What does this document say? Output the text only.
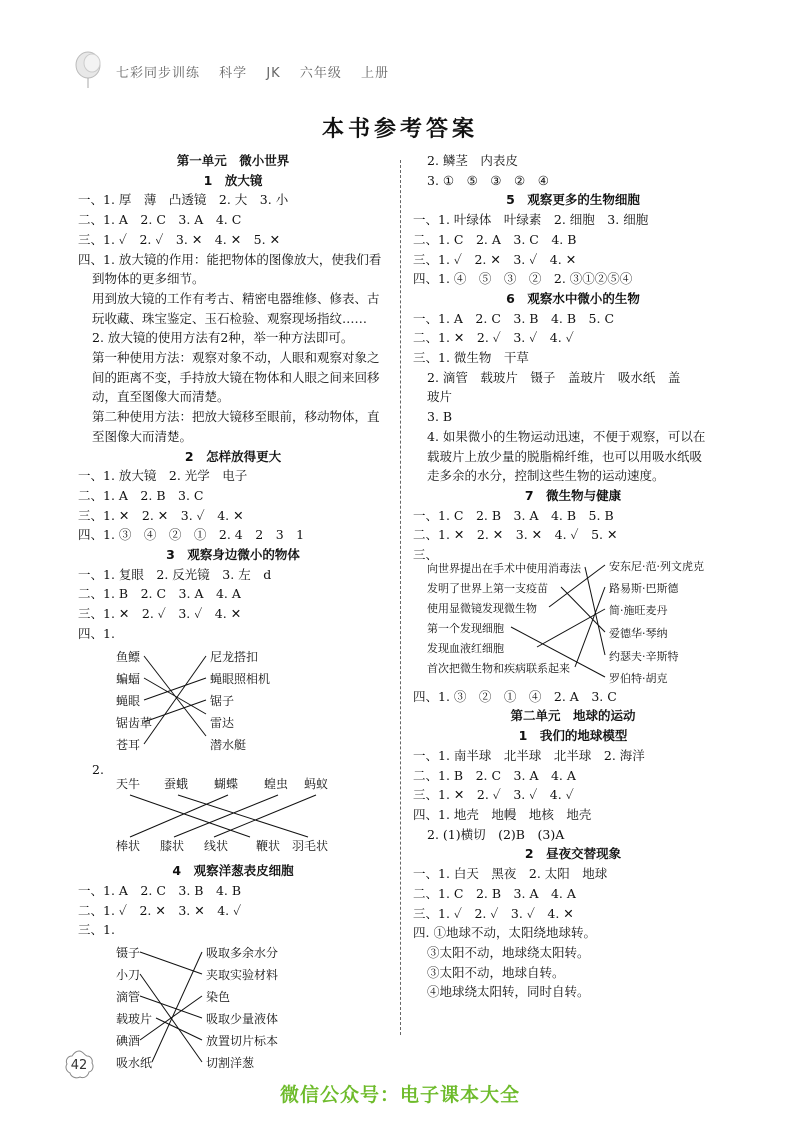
七彩同步训练 科学 JK 六年级 上册
本书参考答案
第一单元　微小世界
1　放大镜
一、1. 厚　薄　凸透镜　2. 大　3. 小
二、1. A　2. C　3. A　4. C
三、1. ✓　2. ✓　3. ✕　4. ✕　5. ✕
四、1. 放大镜的作用：能把物体的图像放大，使我们看
到物体的更多细节。
用到放大镜的工作有考古、精密电器维修、修表、古
玩收藏、珠宝鉴定、玉石检验、观察现场指纹……
2. 放大镜的使用方法有2种，举一种方法即可。
第一种使用方法：观察对象不动，人眼和观察对象之
间的距离不变，手持放大镜在物体和人眼之间来回移
动，直至图像大而清楚。
第二种使用方法：把放大镜移至眼前，移动物体，直
至图像大而清楚。
2　怎样放得更大
一、1. 放大镜　2. 光学　电子
二、1. A　2. B　3. C
三、1. ✕　2. ✕　3. ✓　4. ✕
四、1. ③　④　②　①　2. 4　2　3　1
3　观察身边微小的物体
一、1. 复眼　2. 反光镜　3. 左　d
二、1. B　2. C　3. A　4. A
三、1. ✕　2. ✓　3. ✓　4. ✕
四、1.
鱼鳔
蝙蝠
蝇眼
锯齿草
苍耳
尼龙搭扣
蝇眼照相机
锯子
雷达
潜水艇
2.
天牛 蚕蛾 蝴蝶 蝗虫 蚂蚁
棒状 膝状 线状 鞭状 羽毛状
4　观察洋葱表皮细胞
一、1. A　2. C　3. B　4. B
二、1. ✓　2. ✕　3. ✕　4. ✓
三、1.
镊子
小刀
滴管
载玻片
碘酒
吸水纸
吸取多余水分
夹取实验材料
染色
吸取少量液体
放置切片标本
切割洋葱
2. 鳞茎　内表皮
3. ①　⑤　③　②　④
5　观察更多的生物细胞
一、1. 叶绿体　叶绿素　2. 细胞　3. 细胞
二、1. C　2. A　3. C　4. B
三、1. ✓　2. ✕　3. ✓　4. ✕
四、1. ④　⑤　③　②　2. ③①②⑤④
6　观察水中微小的生物
一、1. A　2. C　3. B　4. B　5. C
二、1. ✕　2. ✓　3. ✓　4. ✓
三、1. 微生物　干草
2. 滴管　载玻片　镊子　盖玻片　吸水纸　盖
玻片
3. B
4. 如果微小的生物运动迅速，不便于观察，可以在
载玻片上放少量的脱脂棉纤维，也可以用吸水纸吸
走多余的水分，控制这些生物的运动速度。
7　微生物与健康
一、1. C　2. B　3. A　4. B　5. B
二、1. ✕　2. ✕　3. ✕　4. ✓　5. ✕
三、
向世界提出在手术中使用消毒法
发明了世界上第一支疫苗
使用显微镜发现微生物
第一个发现细胞
发现血液红细胞
首次把微生物和疾病联系起来
安东尼·范·列文虎克
路易斯·巴斯德
简·施旺麦丹
爱德华·琴纳
约瑟夫·辛斯特
罗伯特·胡克
四、1. ③　②　①　④　2. A　3. C
第二单元　地球的运动
1　我们的地球模型
一、1. 南半球　北半球　北半球　2. 海洋
二、1. B　2. C　3. A　4. A
三、1. ✕　2. ✓　3. ✓　4. ✓
四、1. 地壳　地幔　地核　地壳
2. (1)横切　(2)B　(3)A
2　昼夜交替现象
一、1. 白天　黑夜　2. 太阳　地球
二、1. C　2. B　3. A　4. A
三、1. ✓　2. ✓　3. ✓　4. ✕
四. ①地球不动，太阳绕地球转。
③太阳不动，地球绕太阳转。
③太阳不动，地球自转。
④地球绕太阳转，同时自转。
42
微信公众号：电子课本大全
